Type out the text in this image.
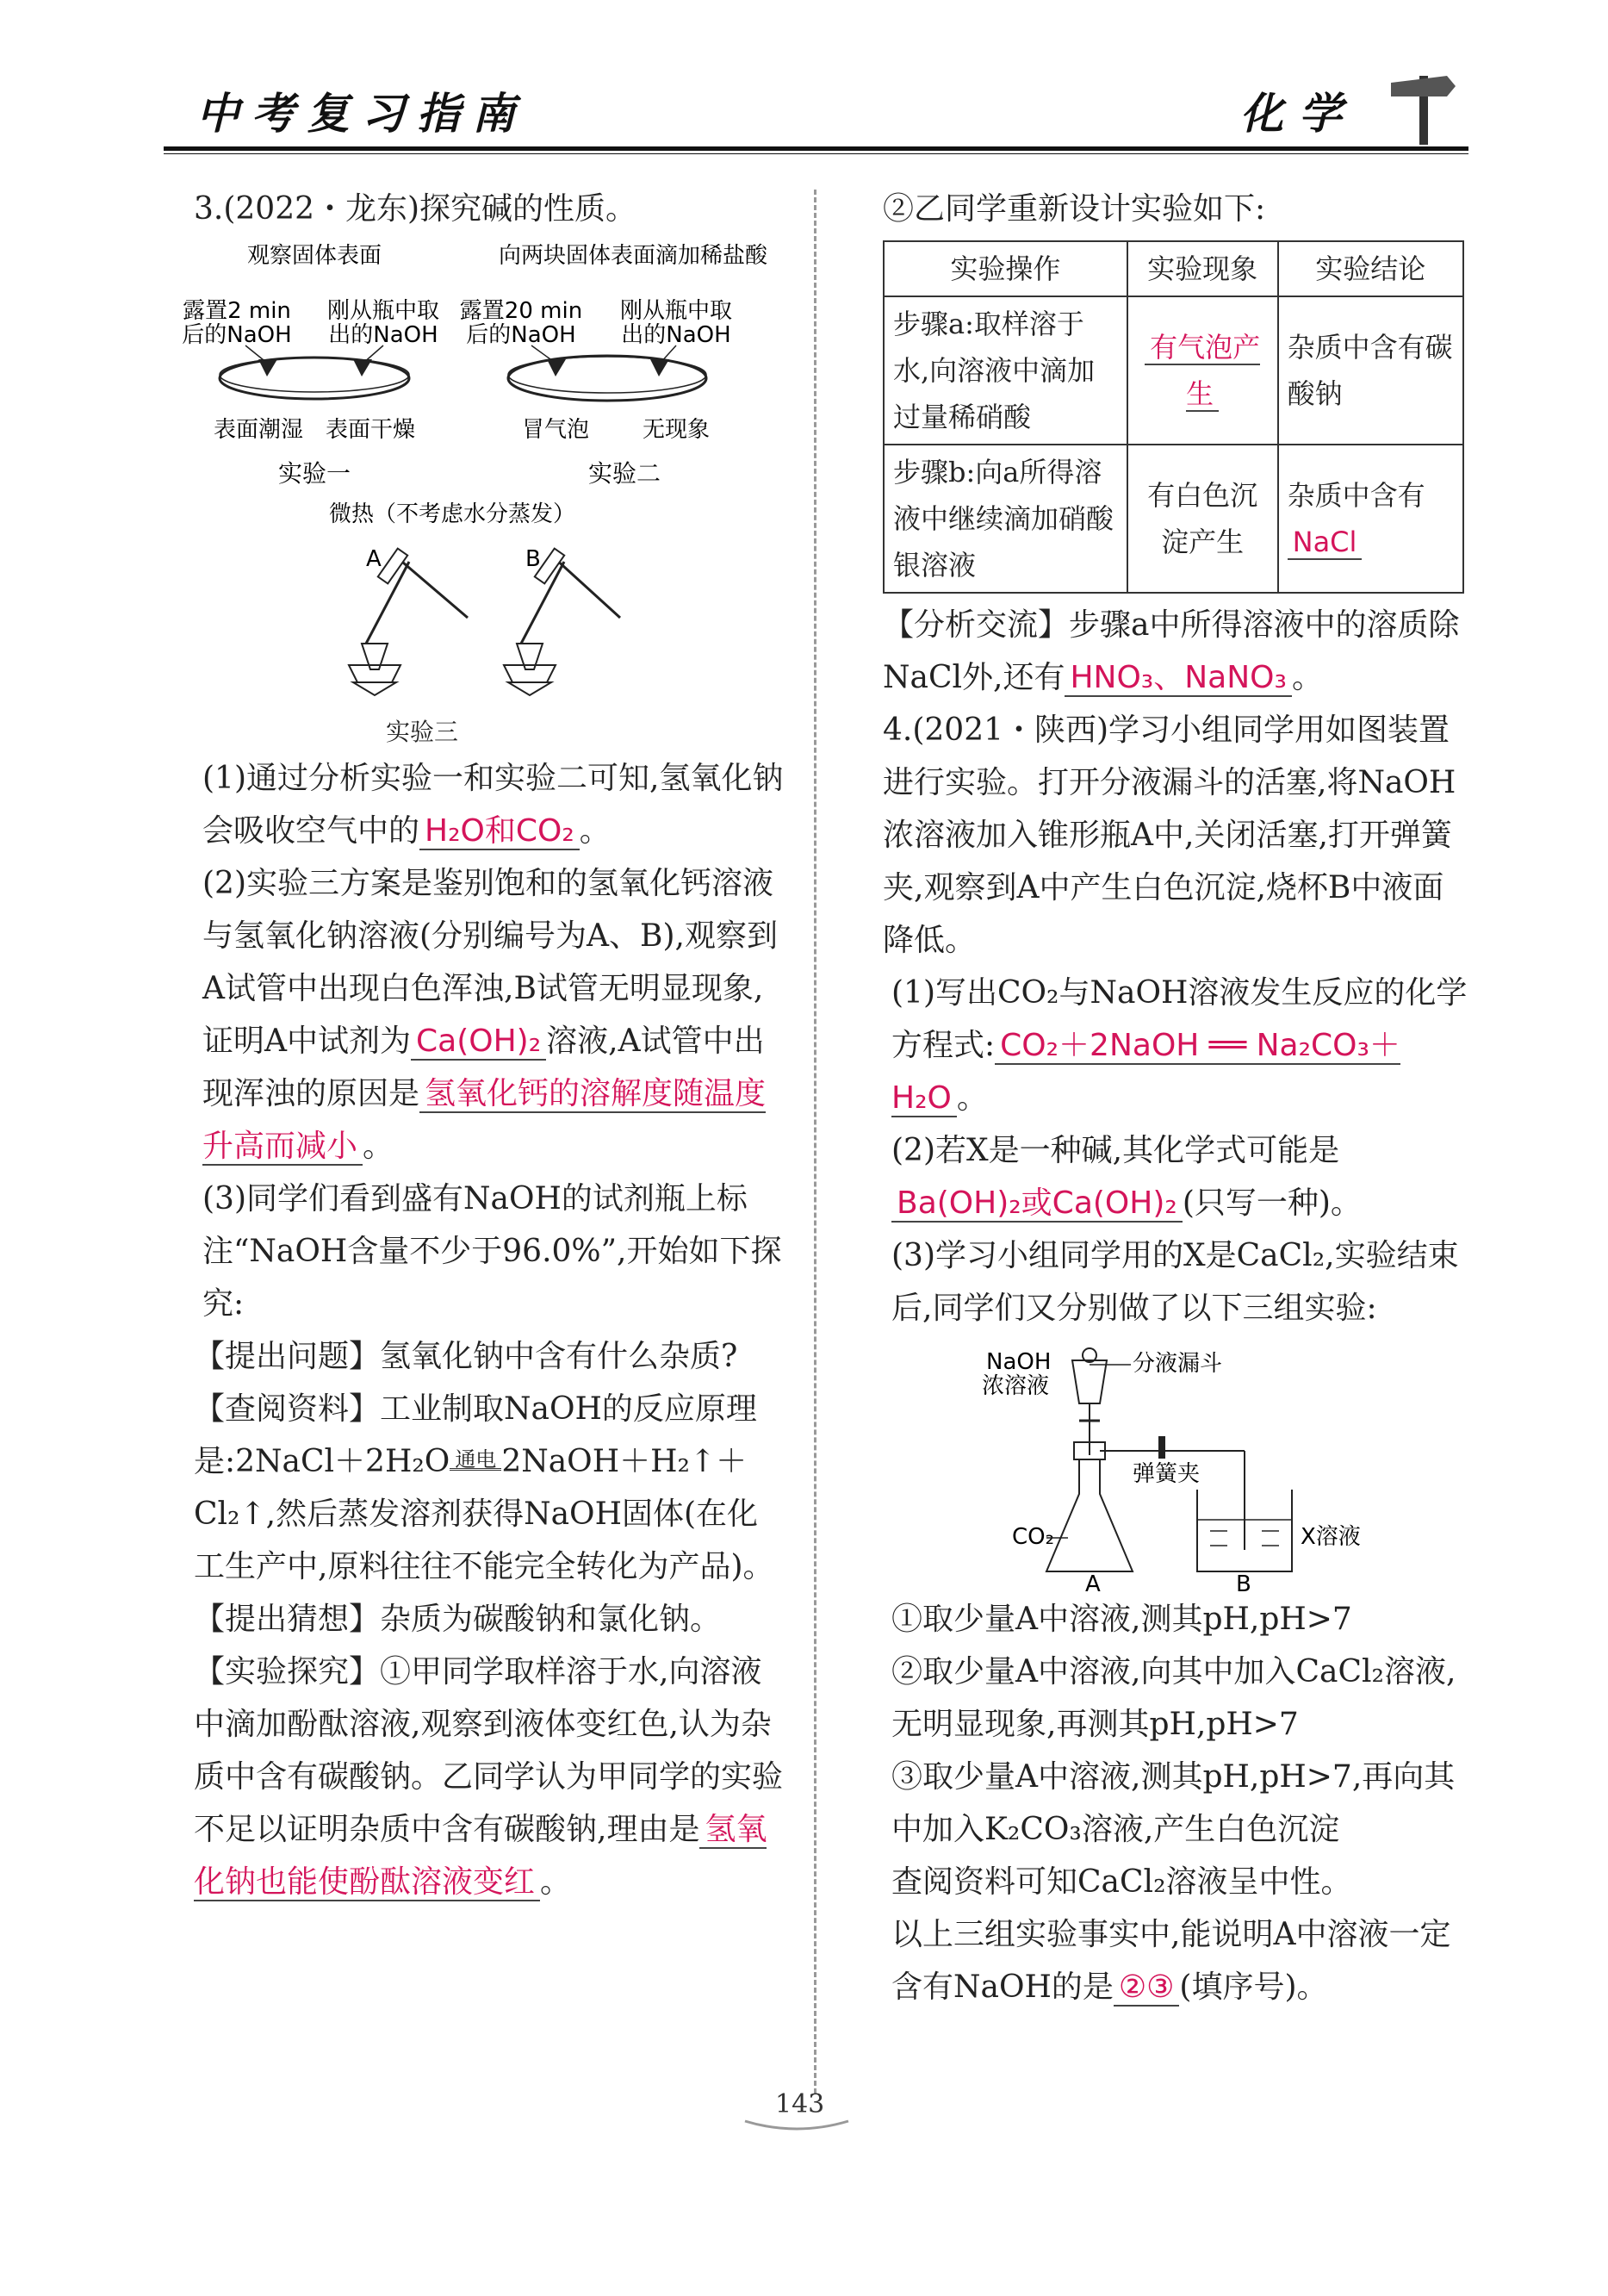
中考复习指南	化学

3.(2022・龙东)探究碱的性质。

观察固体表面	向两块固体表面滴加稀盐酸
露置2 min
后的NaOH
刚从瓶中取
出的NaOH
露置20 min
后的NaOH
刚从瓶中取
出的NaOH
表面潮湿 表面干燥	冒气泡 无现象
实验一	实验二
微热（不考虑水分蒸发）
A	B

实验三

(1)通过分析实验一和实验二可知,氢氧化钠会吸收空气中的 H₂O和CO₂ 。

(2)实验三方案是鉴别饱和的氢氧化钙溶液与氢氧化钠溶液(分别编号为A、B),观察到A试管中出现白色浑浊,B试管无明显现象,证明A中试剂为 Ca(OH)₂ 溶液,A试管中出现浑浊的原因是 氢氧化钙的溶解度随温度升高而减小 。

(3)同学们看到盛有NaOH的试剂瓶上标注“NaOH含量不少于96.0%”,开始如下探究:

【提出问题】氢氧化钠中含有什么杂质?

【查阅资料】工业制取NaOH的反应原理是:2NaCl＋2H₂O 通电 2NaOH＋H₂↑＋Cl₂↑,然后蒸发溶剂获得NaOH固体(在化工生产中,原料往往不能完全转化为产品)。

【提出猜想】杂质为碳酸钠和氯化钠。

【实验探究】①甲同学取样溶于水,向溶液中滴加酚酞溶液,观察到液体变红色,认为杂质中含有碳酸钠。乙同学认为甲同学的实验不足以证明杂质中含有碳酸钠,理由是 氢氧化钠也能使酚酞溶液变红 。

②乙同学重新设计实验如下:

实验操作	实验现象	实验结论
步骤a:取样溶于水,向溶液中滴加过量稀硝酸	有气泡产生	杂质中含有碳酸钠
步骤b:向a所得溶液中继续滴加硝酸银溶液	有白色沉淀产生	杂质中含有
NaCl

【分析交流】步骤a中所得溶液中的溶质除NaCl外,还有 HNO₃、NaNO₃ 。

4.(2021・陕西)学习小组同学用如图装置进行实验。打开分液漏斗的活塞,将NaOH浓溶液加入锥形瓶A中,关闭活塞,打开弹簧夹,观察到A中产生白色沉淀,烧杯B中液面降低。

(1)写出CO₂与NaOH溶液发生反应的化学方程式: CO₂＋2NaOH ══ Na₂CO₃＋H₂O 。

(2)若X是一种碱,其化学式可能是Ba(OH)₂或Ca(OH)₂ (只写一种)。

(3)学习小组同学用的X是CaCl₂,实验结束后,同学们又分别做了以下三组实验:

NaOH
浓溶液
分液漏斗
弹簧夹
X溶液
CO₂
A	B

①取少量A中溶液,测其pH,pH>7

②取少量A中溶液,向其中加入CaCl₂溶液,无明显现象,再测其pH,pH>7

③取少量A中溶液,测其pH,pH>7,再向其中加入K₂CO₃溶液,产生白色沉淀

查阅资料可知CaCl₂溶液呈中性。

以上三组实验事实中,能说明A中溶液一定含有NaOH的是 ②③ (填序号)。

143
